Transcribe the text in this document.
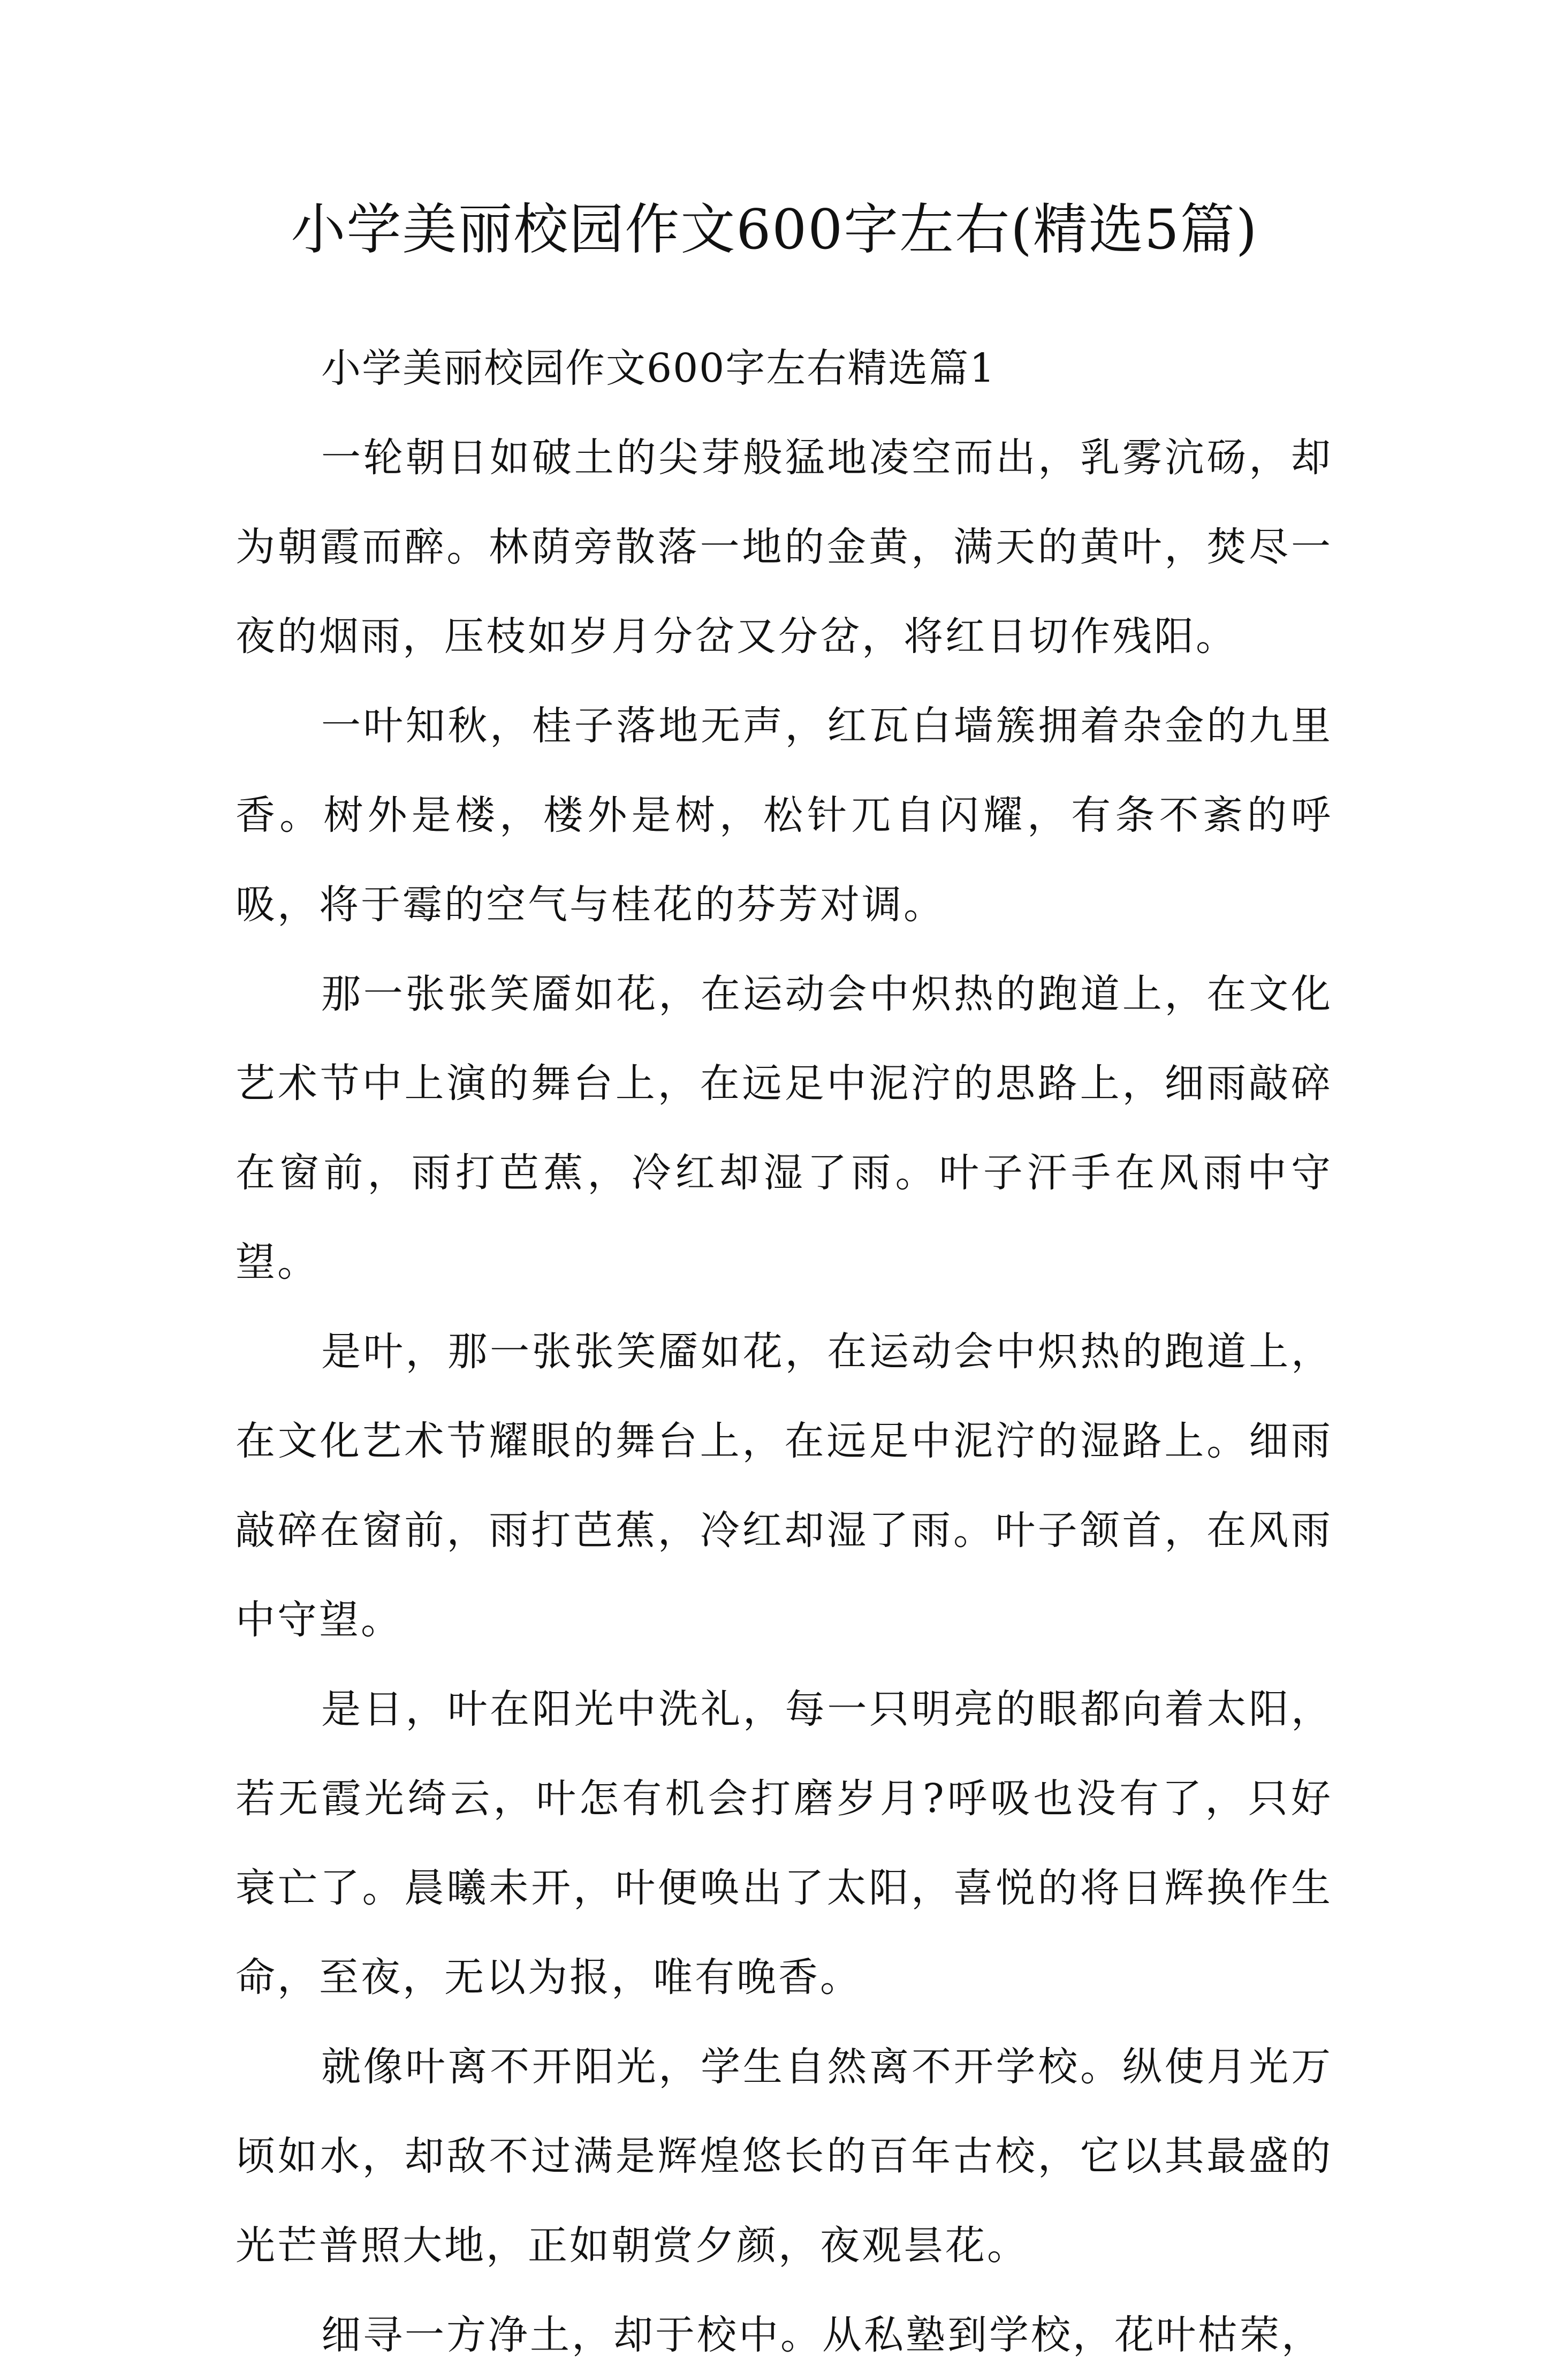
小学美丽校园作文600字左右(精选5篇)

小学美丽校园作文600字左右精选篇1

一轮朝日如破土的尖芽般猛地凌空而出，乳雾沆砀，却为朝霞而醉。林荫旁散落一地的金黄，满天的黄叶，焚尽一夜的烟雨，压枝如岁月分岔又分岔，将红日切作残阳。

一叶知秋，桂子落地无声，红瓦白墙簇拥着杂金的九里香。树外是楼，楼外是树，松针兀自闪耀，有条不紊的呼吸，将于霉的空气与桂花的芬芳对调。

那一张张笑靥如花，在运动会中炽热的跑道上，在文化艺术节中上演的舞台上，在远足中泥泞的思路上，细雨敲碎在窗前，雨打芭蕉，冷红却湿了雨。叶子汗手在风雨中守望。

是叶，那一张张笑靥如花，在运动会中炽热的跑道上，在文化艺术节耀眼的舞台上，在远足中泥泞的湿路上。细雨敲碎在窗前，雨打芭蕉，冷红却湿了雨。叶子颔首，在风雨中守望。

是日，叶在阳光中洗礼，每一只明亮的眼都向着太阳，若无霞光绮云，叶怎有机会打磨岁月?呼吸也没有了，只好衰亡了。晨曦未开，叶便唤出了太阳，喜悦的将日辉换作生命，至夜，无以为报，唯有晚香。

就像叶离不开阳光，学生自然离不开学校。纵使月光万顷如水，却敌不过满是辉煌悠长的百年古校，它以其最盛的光芒普照大地，正如朝赏夕颜，夜观昙花。

细寻一方净土，却于校中。从私塾到学校，花叶枯荣，
